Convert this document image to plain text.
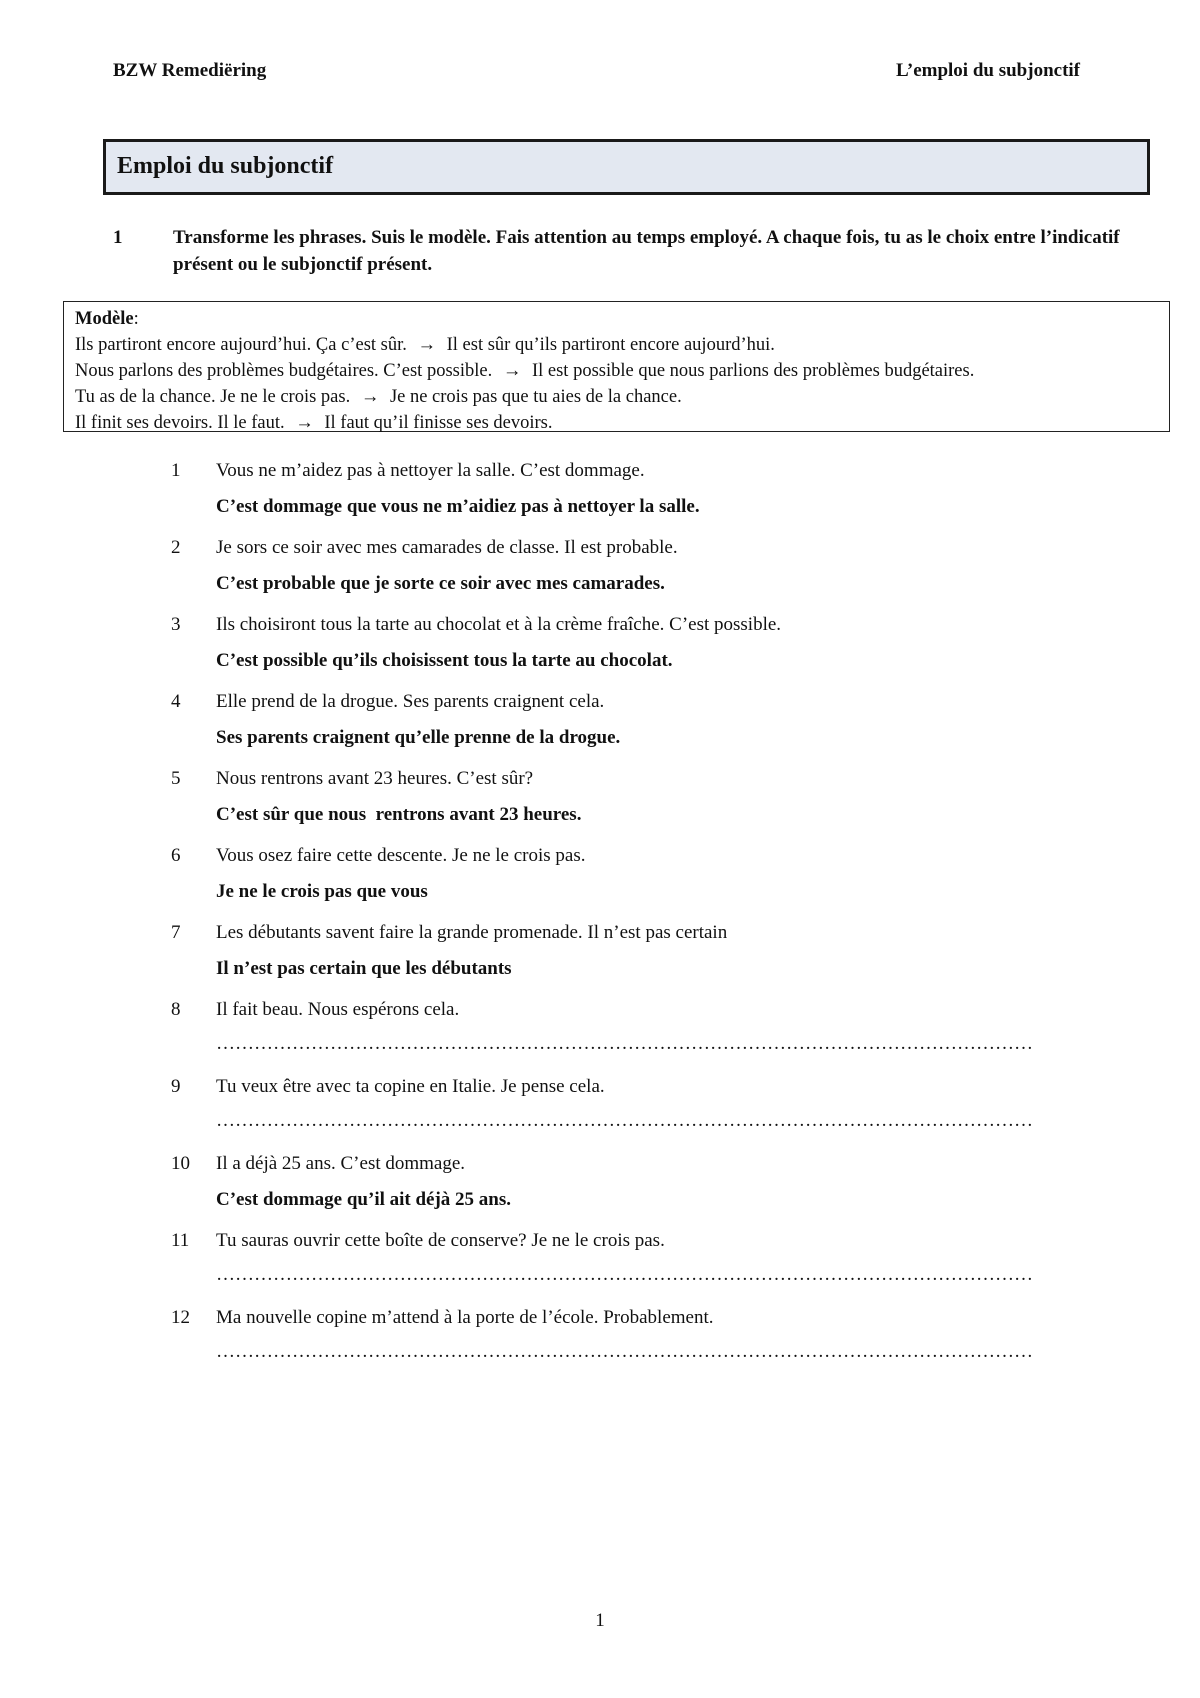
BZW Remediëring	L’emploi du subjonctif
Emploi du subjonctif
1	Transforme les phrases. Suis le modèle. Fais attention au temps employé. A chaque fois, tu as le choix entre l’indicatif présent ou le subjonctif présent.
Modèle:
Ils partiront encore aujourd’hui. Ça c’est sûr. → Il est sûr qu’ils partiront encore aujourd’hui.
Nous parlons des problèmes budgétaires. C’est possible. → Il est possible que nous parlions des problèmes budgétaires.
Tu as de la chance. Je ne le crois pas. → Je ne crois pas que tu aies de la chance.
Il finit ses devoirs. Il le faut. → Il faut qu’il finisse ses devoirs.
1 Vous ne m’aidez pas à nettoyer la salle. C’est dommage.
C’est dommage que vous ne m’aidiez pas à nettoyer la salle.
2 Je sors ce soir avec mes camarades de classe. Il est probable.
C’est probable que je sorte ce soir avec mes camarades.
3 Ils choisiront tous la tarte au chocolat et à la crème fraîche. C’est possible.
C’est possible qu’ils choisissent tous la tarte au chocolat.
4 Elle prend de la drogue. Ses parents craignent cela.
Ses parents craignent qu’elle prenne de la drogue.
5 Nous rentrons avant 23 heures. C’est sûr?
C’est sûr que nous  rentrons avant 23 heures.
6 Vous osez faire cette descente. Je ne le crois pas.
Je ne le crois pas que vous
7 Les débutants savent faire la grande promenade. Il n’est pas certain
Il n’est pas certain que les débutants
8 Il fait beau. Nous espérons cela.
…………………………………………………………………………………………………………………
9 Tu veux être avec ta copine en Italie. Je pense cela.
…………………………………………………………………………………………………………………
10 Il a déjà 25 ans. C’est dommage.
C’est dommage qu’il ait déjà 25 ans.
11 Tu sauras ouvrir cette boîte de conserve? Je ne le crois pas.
…………………………………………………………………………………………………………………
12 Ma nouvelle copine m’attend à la porte de l’école. Probablement.
…………………………………………………………………………………………………………………
1
